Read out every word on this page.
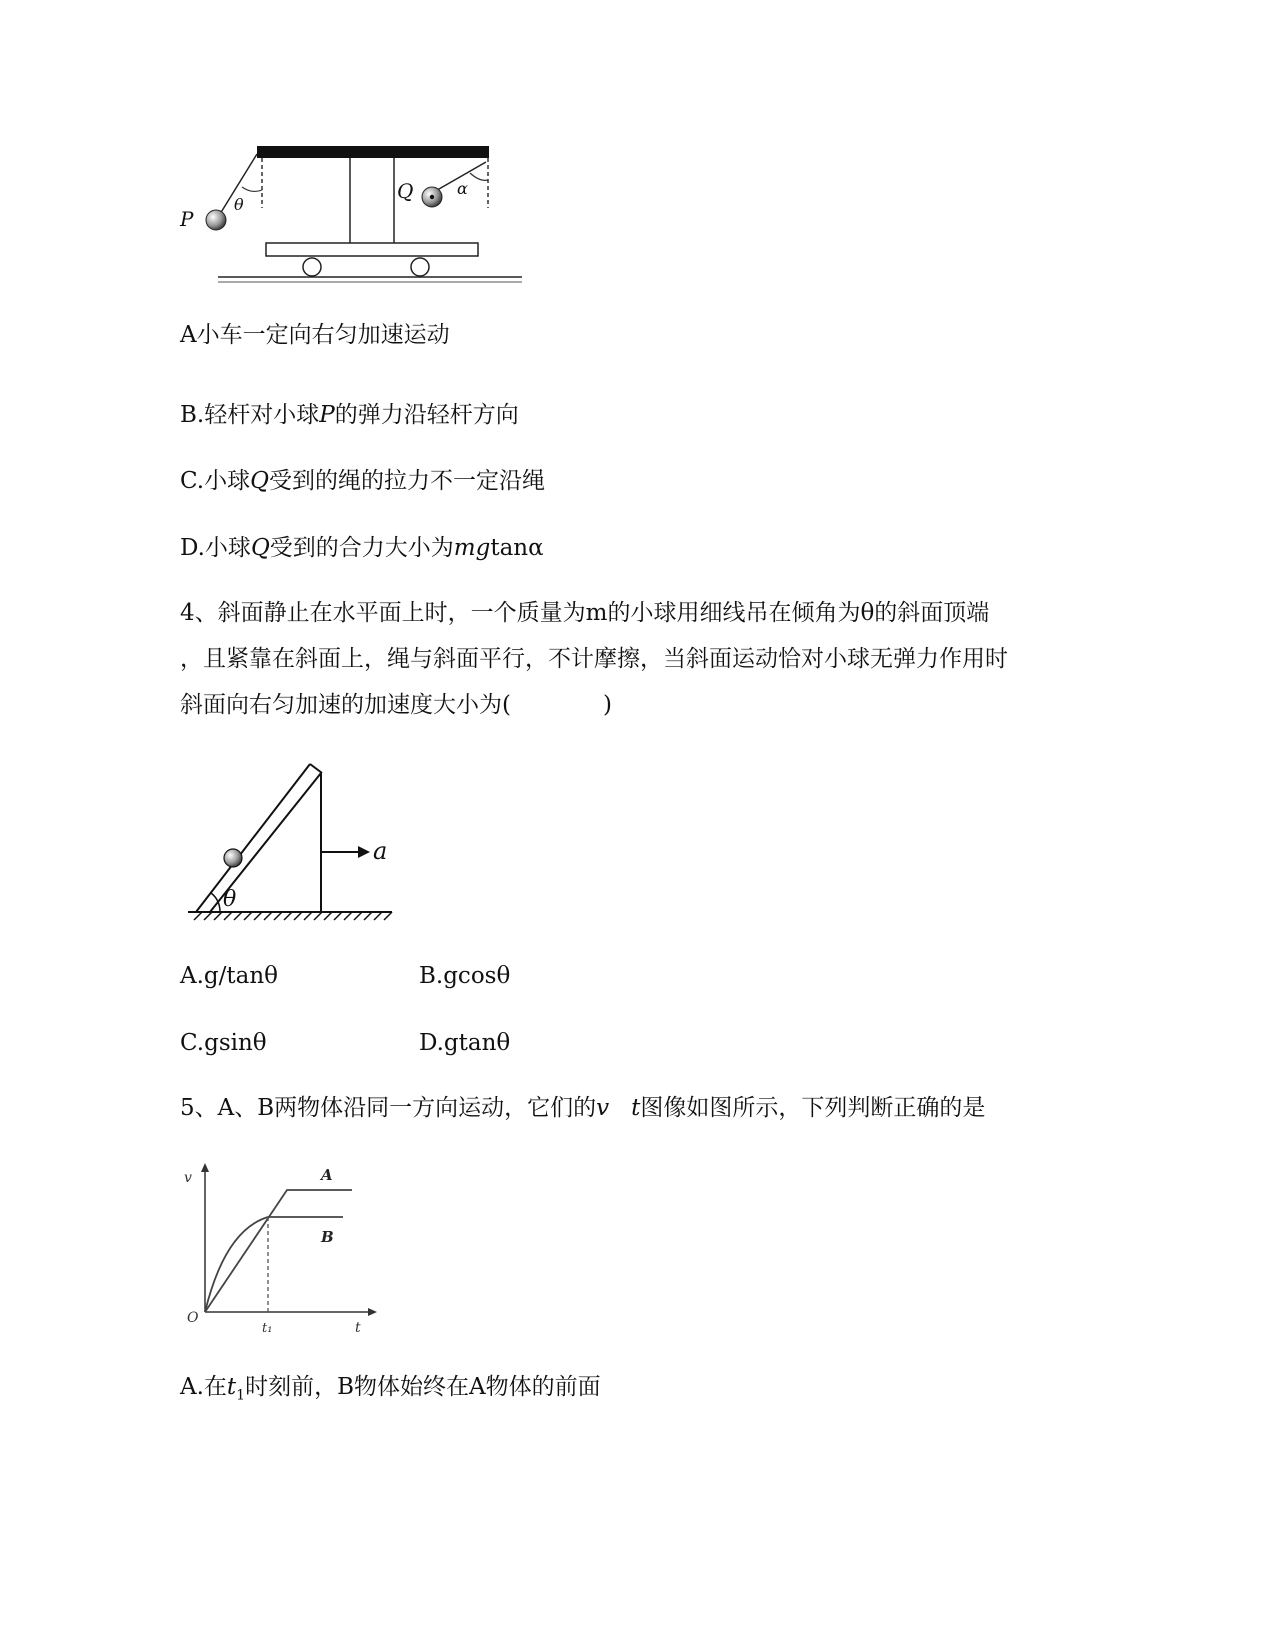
P
Q
θ
α
A小车一定向右匀加速运动
B.轻杆对小球P的弹力沿轻杆方向
C.小球Q受到的绳的拉力不一定沿绳
D.小球Q受到的合力大小为mgtanα
4、斜面静止在水平面上时，一个质量为m的小球用细线吊在倾角为θ的斜面顶端
，且紧靠在斜面上，绳与斜面平行，不计摩擦，当斜面运动恰对小球无弹力作用时
斜面向右匀加速的加速度大小为(　　　　)
a
θ
A.g/tanθ	B.gcosθ
C.gsinθ	D.gtanθ
5、A、B两物体沿同一方向运动，它们的v t图像如图所示，下列判断正确的是
v
O
t
t₁
A
B
A.在$t_1$时刻前，B物体始终在A物体的前面
